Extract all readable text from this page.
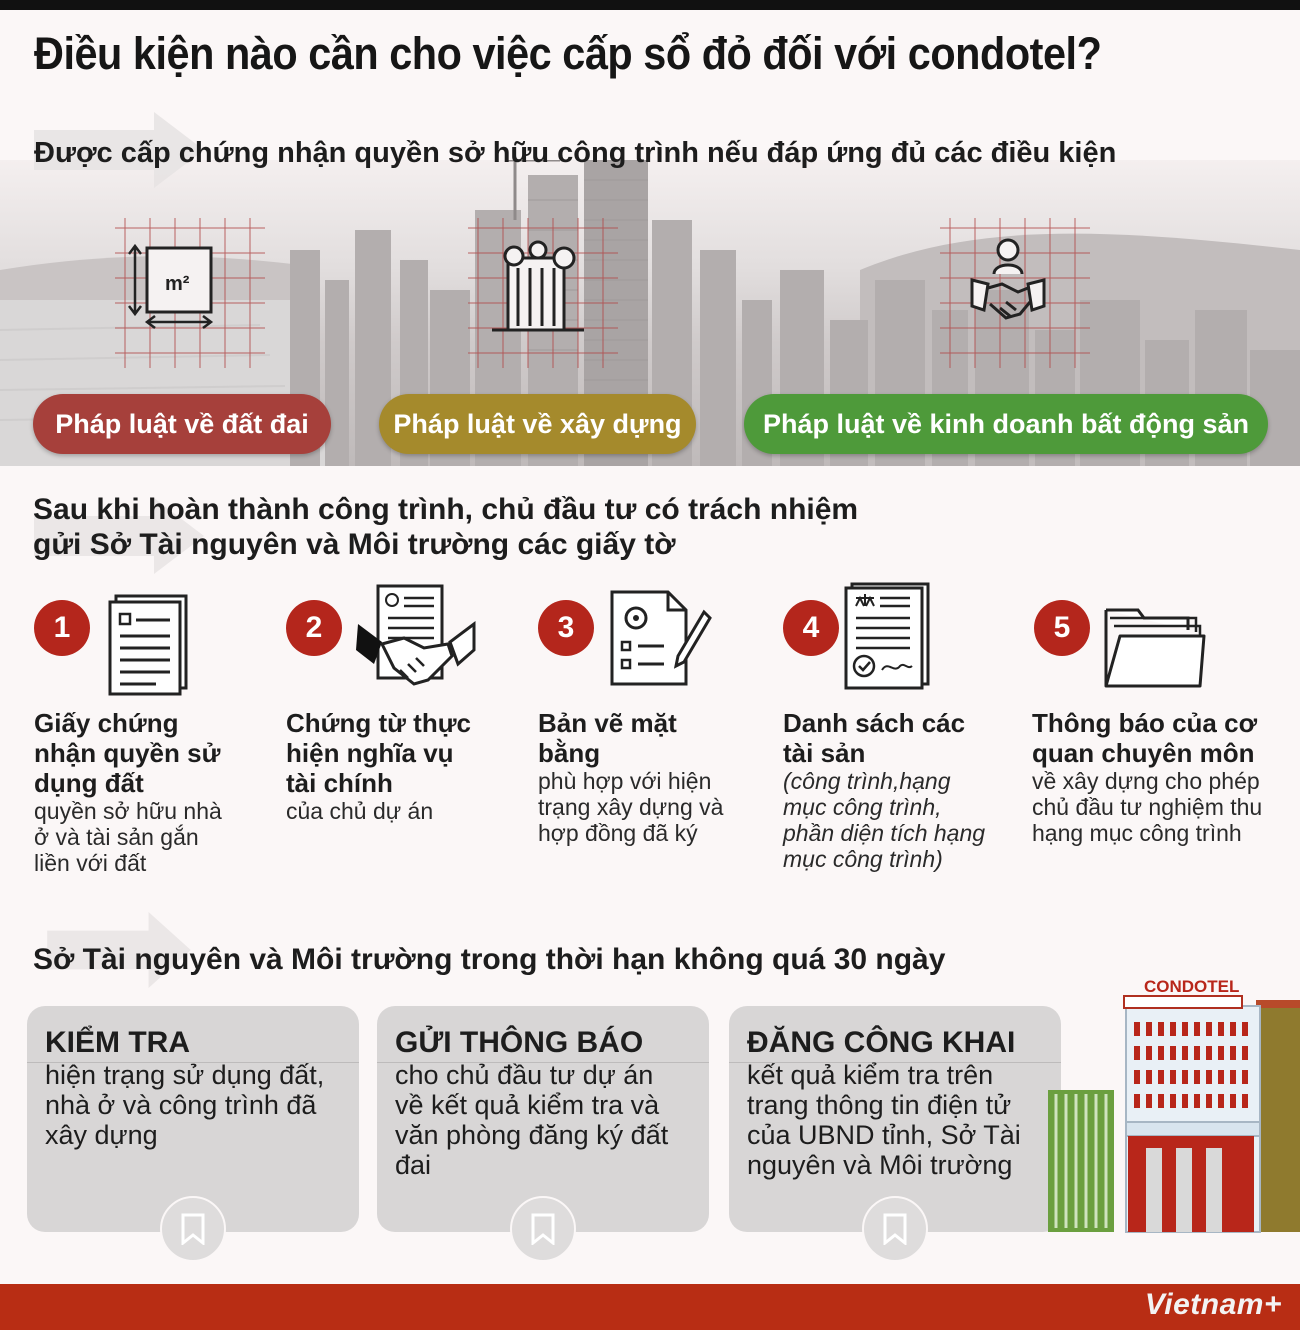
Điều kiện nào cần cho việc cấp sổ đỏ đối với condotel?
Được cấp chứng nhận quyền sở hữu công trình nếu đáp ứng đủ các điều kiện
m²
Pháp luật về đất đai	Pháp luật về xây dựng	Pháp luật về kinh doanh bất động sản
Sau khi hoàn thành công trình, chủ đầu tư có trách nhiệm
gửi Sở Tài nguyên và Môi trường các giấy tờ
1
Giấy chứng nhận quyền sử dụng đất
quyền sở hữu nhà ở và tài sản gắn liền với đất
2
Chứng từ thực hiện nghĩa vụ tài chính
của chủ dự án
3
Bản vẽ mặt bằng
phù hợp với hiện trạng xây dựng và hợp đồng đã ký
4
Danh sách các tài sản
(công trình,hạng mục công trình, phần diện tích hạng mục công trình)
5
Thông báo của cơ quan chuyên môn
về xây dựng cho phép chủ đầu tư nghiệm thu hạng mục công trình
Sở Tài nguyên và Môi trường trong thời hạn không quá 30 ngày
KIỂM TRA
hiện trạng sử dụng đất, nhà ở và công trình đã xây dựng
GỬI THÔNG BÁO
cho chủ đầu tư dự án về kết quả kiểm tra và văn phòng đăng ký đất đai
ĐĂNG CÔNG KHAI
kết quả kiểm tra trên trang thông tin điện tử của UBND tỉnh, Sở Tài nguyên và Môi trường
CONDOTEL
Vietnam+
